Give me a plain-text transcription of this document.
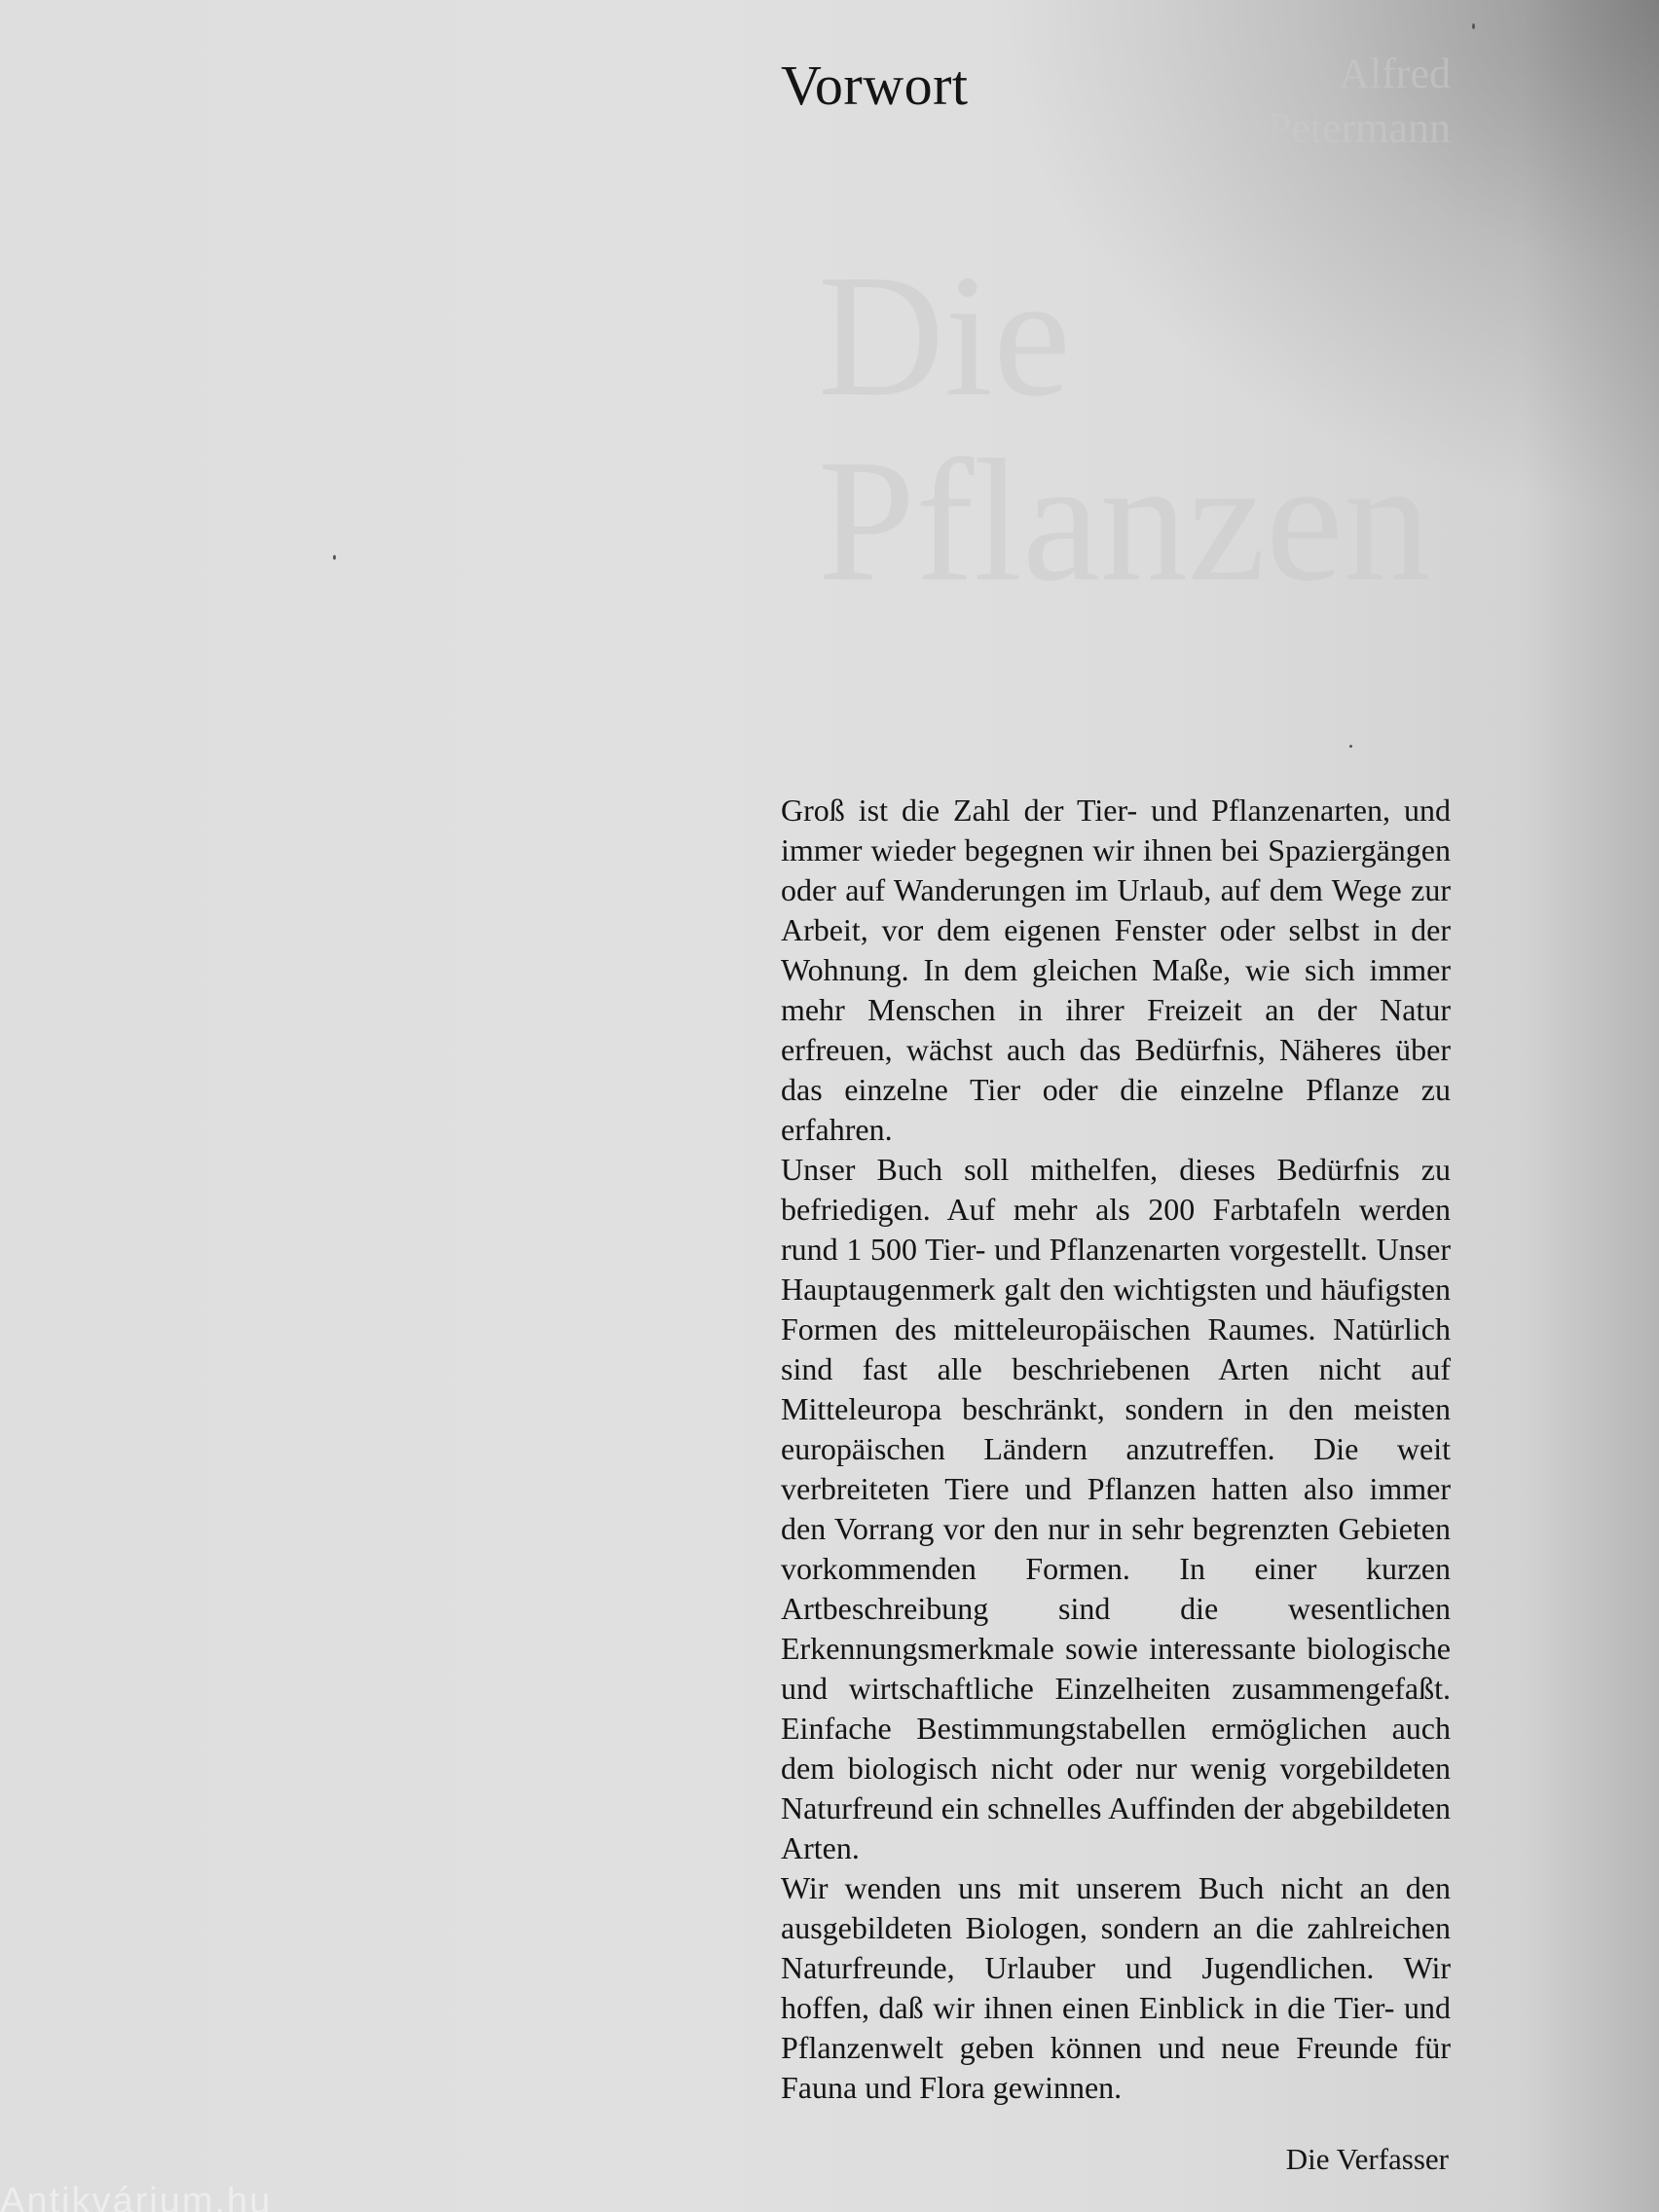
Alfred
Petermann
Die
Pflanzen
Vorwort

Groß ist die Zahl der Tier- und Pflanzenarten, und immer wieder begegnen wir ihnen bei Spaziergängen oder auf Wanderungen im Urlaub, auf dem Wege zur Arbeit, vor dem eigenen Fenster oder selbst in der Wohnung. In dem gleichen Maße, wie sich immer mehr Menschen in ihrer Freizeit an der Natur erfreuen, wächst auch das Bedürfnis, Näheres über das einzelne Tier oder die einzelne Pflanze zu erfahren.

Unser Buch soll mithelfen, dieses Bedürfnis zu befriedigen. Auf mehr als 200 Farbtafeln werden rund 1 500 Tier- und Pflanzenarten vorgestellt. Unser Hauptaugenmerk galt den wichtigsten und häufigsten Formen des mitteleuropäischen Raumes. Natürlich sind fast alle beschriebenen Arten nicht auf Mitteleuropa beschränkt, sondern in den meisten europäischen Ländern anzutreffen. Die weit verbreiteten Tiere und Pflanzen hatten also immer den Vorrang vor den nur in sehr begrenzten Gebieten vorkommenden Formen. In einer kurzen Artbeschreibung sind die wesentlichen Erkennungsmerkmale sowie interessante biologische und wirtschaftliche Einzelheiten zusammengefaßt. Einfache Bestimmungstabellen ermöglichen auch dem biologisch nicht oder nur wenig vorgebildeten Naturfreund ein schnelles Auffinden der abgebildeten Arten.

Wir wenden uns mit unserem Buch nicht an den ausgebildeten Biologen, sondern an die zahlreichen Naturfreunde, Urlauber und Jugendlichen. Wir hoffen, daß wir ihnen einen Einblick in die Tier- und Pflanzenwelt geben können und neue Freunde für Fauna und Flora gewinnen.

Die Verfasser
Antikvárium.hu
